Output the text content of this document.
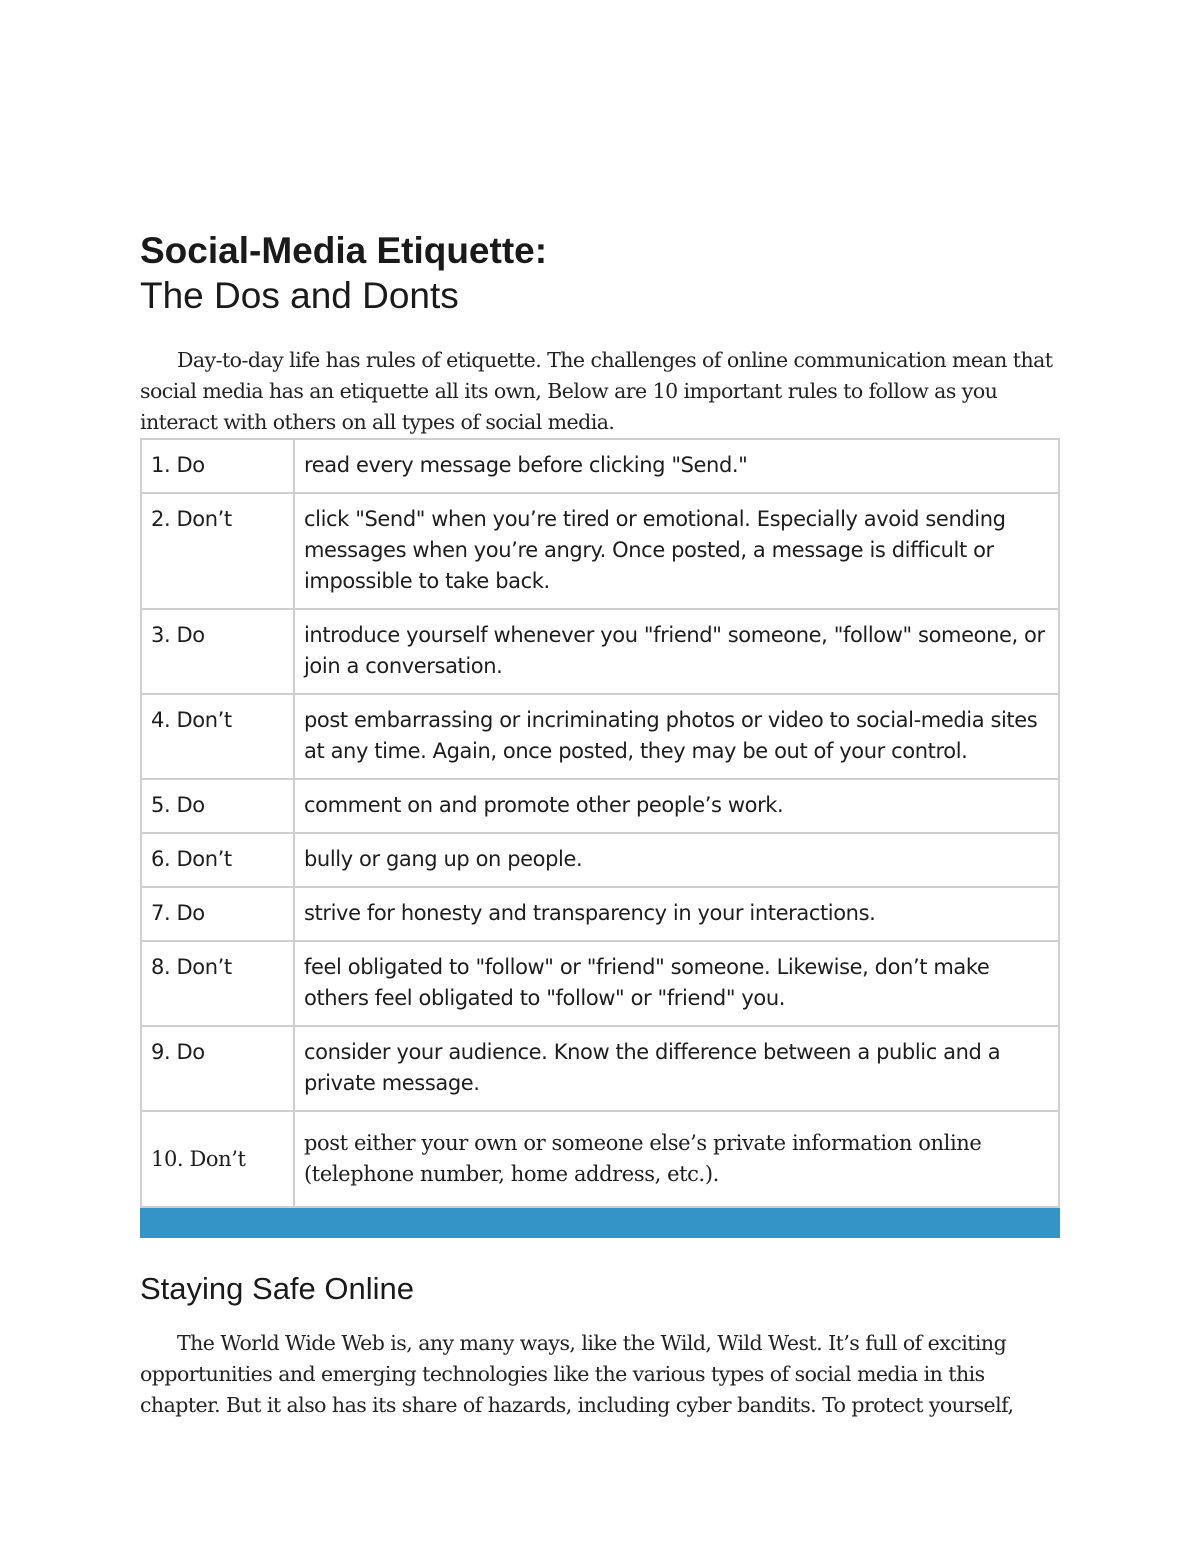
Social-Media Etiquette:
The Dos and Donts

Day-to-day life has rules of etiquette. The challenges of online communication mean that social media has an etiquette all its own, Below are 10 important rules to follow as you interact with others on all types of social media.

1. Do	read every message before clicking "Send."
2. Don’t	click "Send" when you’re tired or emotional. Especially avoid sending messages when you’re angry. Once posted, a message is difficult or impossible to take back.
3. Do	introduce yourself whenever you "friend" someone, "follow" someone, or join a conversation.
4. Don’t	post embarrassing or incriminating photos or video to social-media sites at any time. Again, once posted, they may be out of your control.
5. Do	comment on and promote other people’s work.
6. Don’t	bully or gang up on people.
7. Do	strive for honesty and transparency in your interactions.
8. Don’t	feel obligated to "follow" or "friend" someone. Likewise, don’t make others feel obligated to "follow" or "friend" you.
9. Do	consider your audience. Know the difference between a public and a private message.
10. Don’t	post either your own or someone else’s private information online (telephone number, home address, etc.).
Staying Safe Online

The World Wide Web is, any many ways, like the Wild, Wild West. It’s full of exciting opportunities and emerging technologies like the various types of social media in this chapter. But it also has its share of hazards, including cyber bandits. To protect yourself,
